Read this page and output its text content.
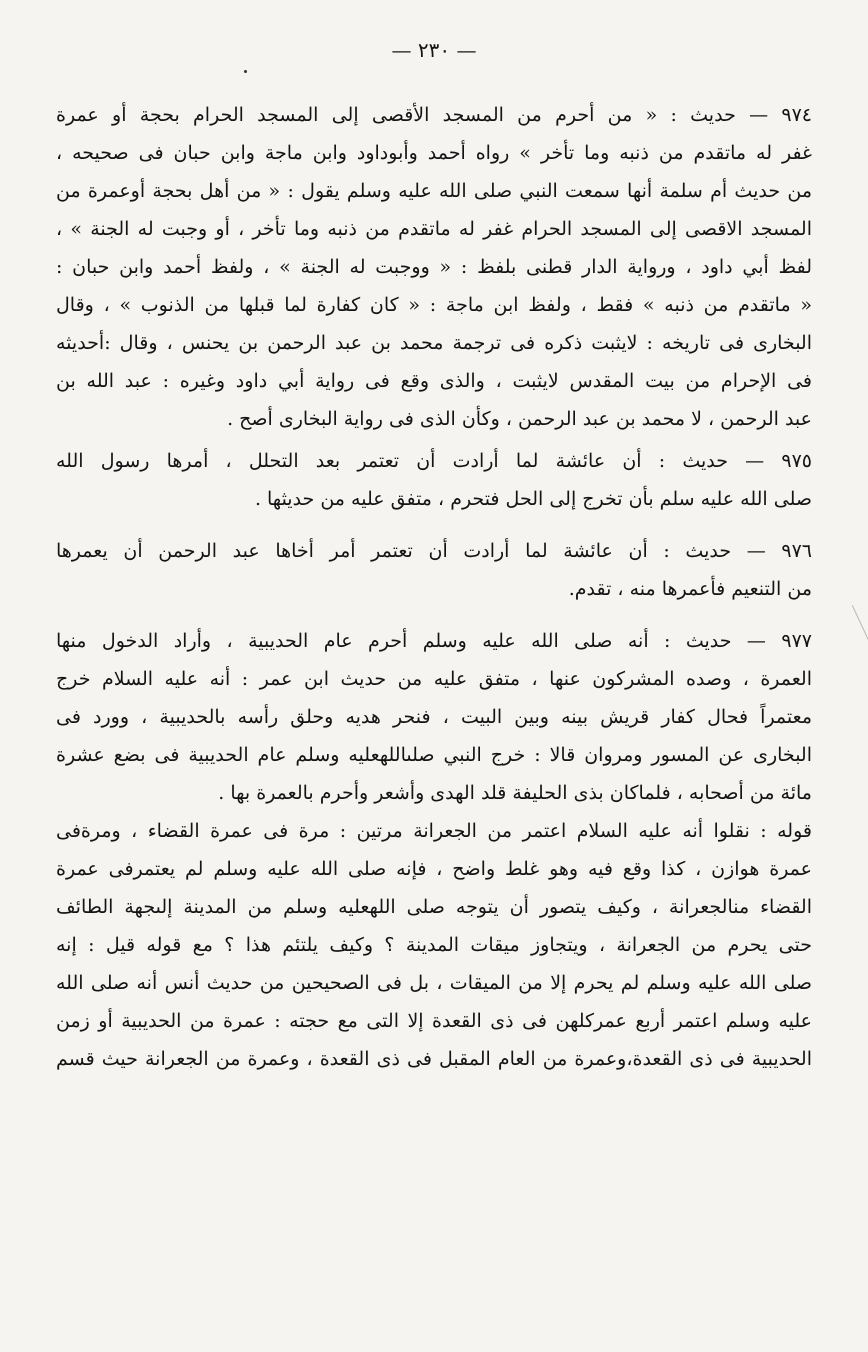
— ٢٣٠ —
٩٧٤ — حديث : « من أحرم من المسجد الأقصى إلى المسجد الحرام بحجة أو عمرة
غفر له ماتقدم من ذنبه وما تأخر » رواه أحمد وأبوداود وابن ماجة وابن حبان فى صحيحه ،
من حديث أم سلمة أنها سمعت النبي صلى الله عليه وسلم يقول : « من أهل بحجة أوعمرة من
المسجد الاقصى إلى المسجد الحرام غفر له ماتقدم من ذنبه وما تأخر ، أو وجبت له الجنة » ،
لفظ أبي داود ، ورواية الدار قطنى بلفظ : « ووجبت له الجنة » ، ولفظ أحمد وابن حبان :
« ماتقدم من ذنبه » فقط ، ولفظ ابن ماجة : « كان كفارة لما قبلها من الذنوب » ، وقال
البخارى فى تاريخه : لايثبت ذكره فى ترجمة محمد بن عبد الرحمن بن يحنس ، وقال :أحديثه
فى الإحرام من بيت المقدس لايثبت ، والذى وقع فى رواية أبي داود وغيره : عبد الله بن
عبد الرحمن ، لا محمد بن عبد الرحمن ، وكأن الذى فى رواية البخارى أصح .
٩٧٥ — حديث : أن عائشة لما أرادت أن تعتمر بعد التحلل ، أمرها رسول الله
صلى الله عليه سلم بأن تخرج إلى الحل فتحرم ، متفق عليه من حديثها .
٩٧٦ — حديث : أن عائشة لما أرادت أن تعتمر أمر أخاها عبد الرحمن أن يعمرها
من التنعيم فأعمرها منه ، تقدم.
٩٧٧ — حديث : أنه صلى الله عليه وسلم أحرم عام الحديبية ، وأراد الدخول منها
العمرة ، وصده المشركون عنها ، متفق عليه من حديث ابن عمر : أنه عليه السلام خرج
معتمراً فحال كفار قريش بينه وبين البيت ، فنحر هديه وحلق رأسه بالحديبية ، وورد فى
البخارى عن المسور ومروان قالا : خرج النبي صلىاللهعليه وسلم عام الحديبية فى بضع عشرة
مائة من أصحابه ، فلماكان بذى الحليفة قلد الهدى وأشعر وأحرم بالعمرة بها .
قوله : نقلوا أنه عليه السلام اعتمر من الجعرانة مرتين : مرة فى عمرة القضاء ، ومرةفى
عمرة هوازن ، كذا وقع فيه وهو غلط واضح ، فإنه صلى الله عليه وسلم لم يعتمرفى عمرة
القضاء منالجعرانة ، وكيف يتصور أن يتوجه صلى اللهعليه وسلم من المدينة إلىجهة الطائف
حتى يحرم من الجعرانة ، ويتجاوز ميقات المدينة ؟ وكيف يلتئم هذا ؟ مع قوله قيل : إنه
صلى الله عليه وسلم لم يحرم إلا من الميقات ، بل فى الصحيحين من حديث أنس أنه صلى الله
عليه وسلم اعتمر أربع عمركلهن فى ذى القعدة إلا التى مع حجته : عمرة من الحديبية أو زمن
الحديبية فى ذى القعدة،وعمرة من العام المقبل فى ذى القعدة ، وعمرة من الجعرانة حيث قسم
